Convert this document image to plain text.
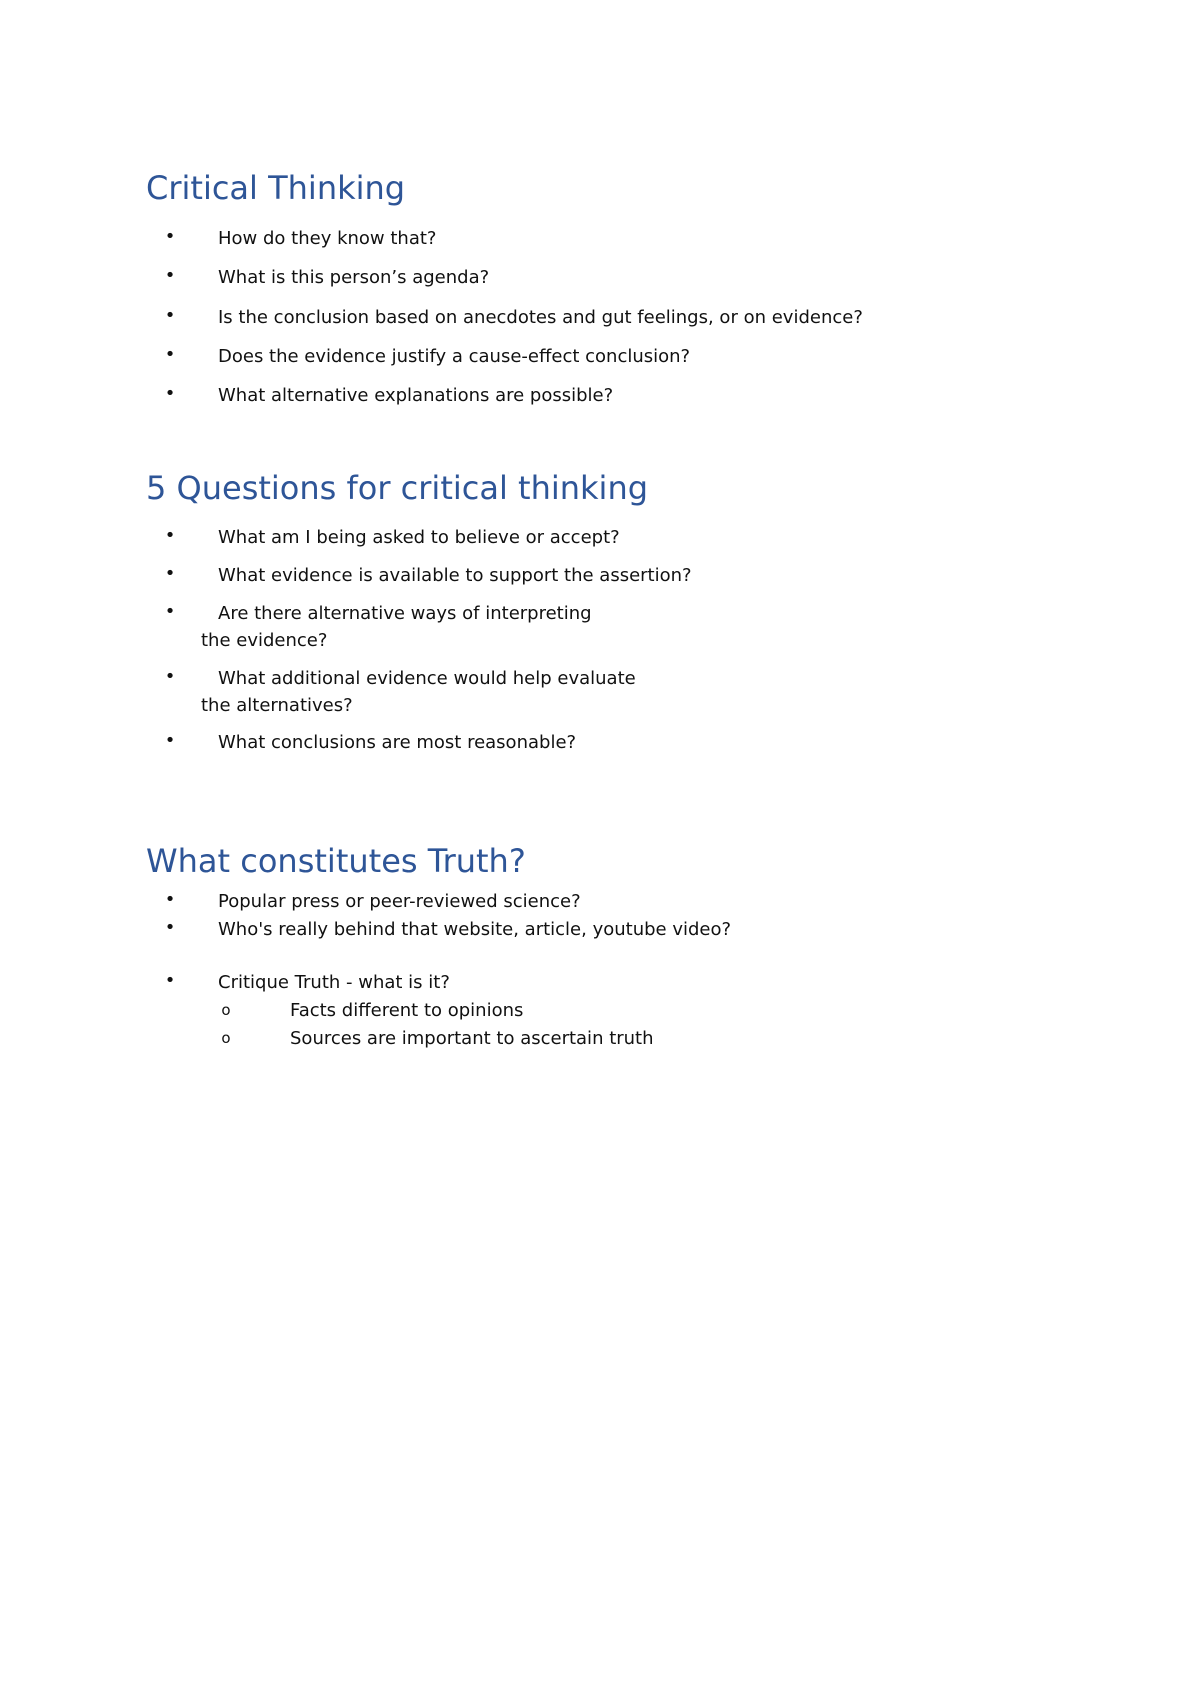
Critical Thinking
• How do they know that?
• What is this person’s agenda?
• Is the conclusion based on anecdotes and gut feelings, or on evidence?
• Does the evidence justify a cause-effect conclusion?
• What alternative explanations are possible?
5 Questions for critical thinking
• What am I being asked to believe or accept?
• What evidence is available to support the assertion?
• Are there alternative ways of interpreting
the evidence?
• What additional evidence would help evaluate
the alternatives?
• What conclusions are most reasonable?
What constitutes Truth?
• Popular press or peer-reviewed science?
• Who's really behind that website, article, youtube video?
• Critique Truth - what is it?
o	Facts different to opinions
o	Sources are important to ascertain truth
